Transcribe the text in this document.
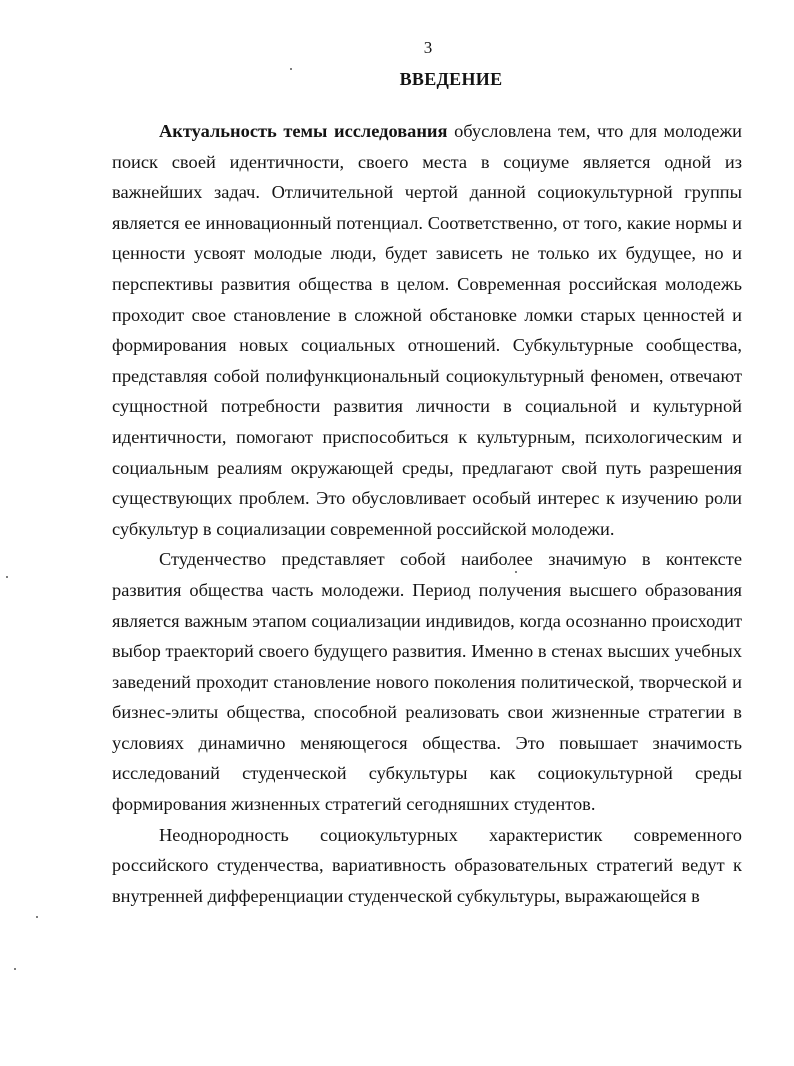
3
ВВЕДЕНИЕ

Актуальность темы исследования обусловлена тем, что для молодежи поиск своей идентичности, своего места в социуме является одной из важнейших задач. Отличительной чертой данной социокультурной группы является ее инновационный потенциал. Соответственно, от того, какие нормы и ценности усвоят молодые люди, будет зависеть не только их будущее, но и перспективы развития общества в целом. Современная российская молодежь проходит свое становление в сложной обстановке ломки старых ценностей и формирования новых социальных отношений. Субкультурные сообщества, представляя собой полифункциональный социокультурный феномен, отвечают сущностной потребности развития личности в социальной и культурной идентичности, помогают приспособиться к культурным, психологическим и социальным реалиям окружающей среды, предлагают свой путь разрешения существующих проблем. Это обусловливает особый интерес к изучению роли субкультур в социализации современной российской молодежи.

Студенчество представляет собой наиболее значимую в контексте развития общества часть молодежи. Период получения высшего образования является важным этапом социализации индивидов, когда осознанно происходит выбор траекторий своего будущего развития. Именно в стенах высших учебных заведений проходит становление нового поколения политической, творческой и бизнес-элиты общества, способной реализовать свои жизненные стратегии в условиях динамично меняющегося общества. Это повышает значимость исследований студенческой субкультуры как социокультурной среды формирования жизненных стратегий сегодняшних студентов.

Неоднородность социокультурных характеристик современного российского студенчества, вариативность образовательных стратегий ведут к внутренней дифференциации студенческой субкультуры, выражающейся в
